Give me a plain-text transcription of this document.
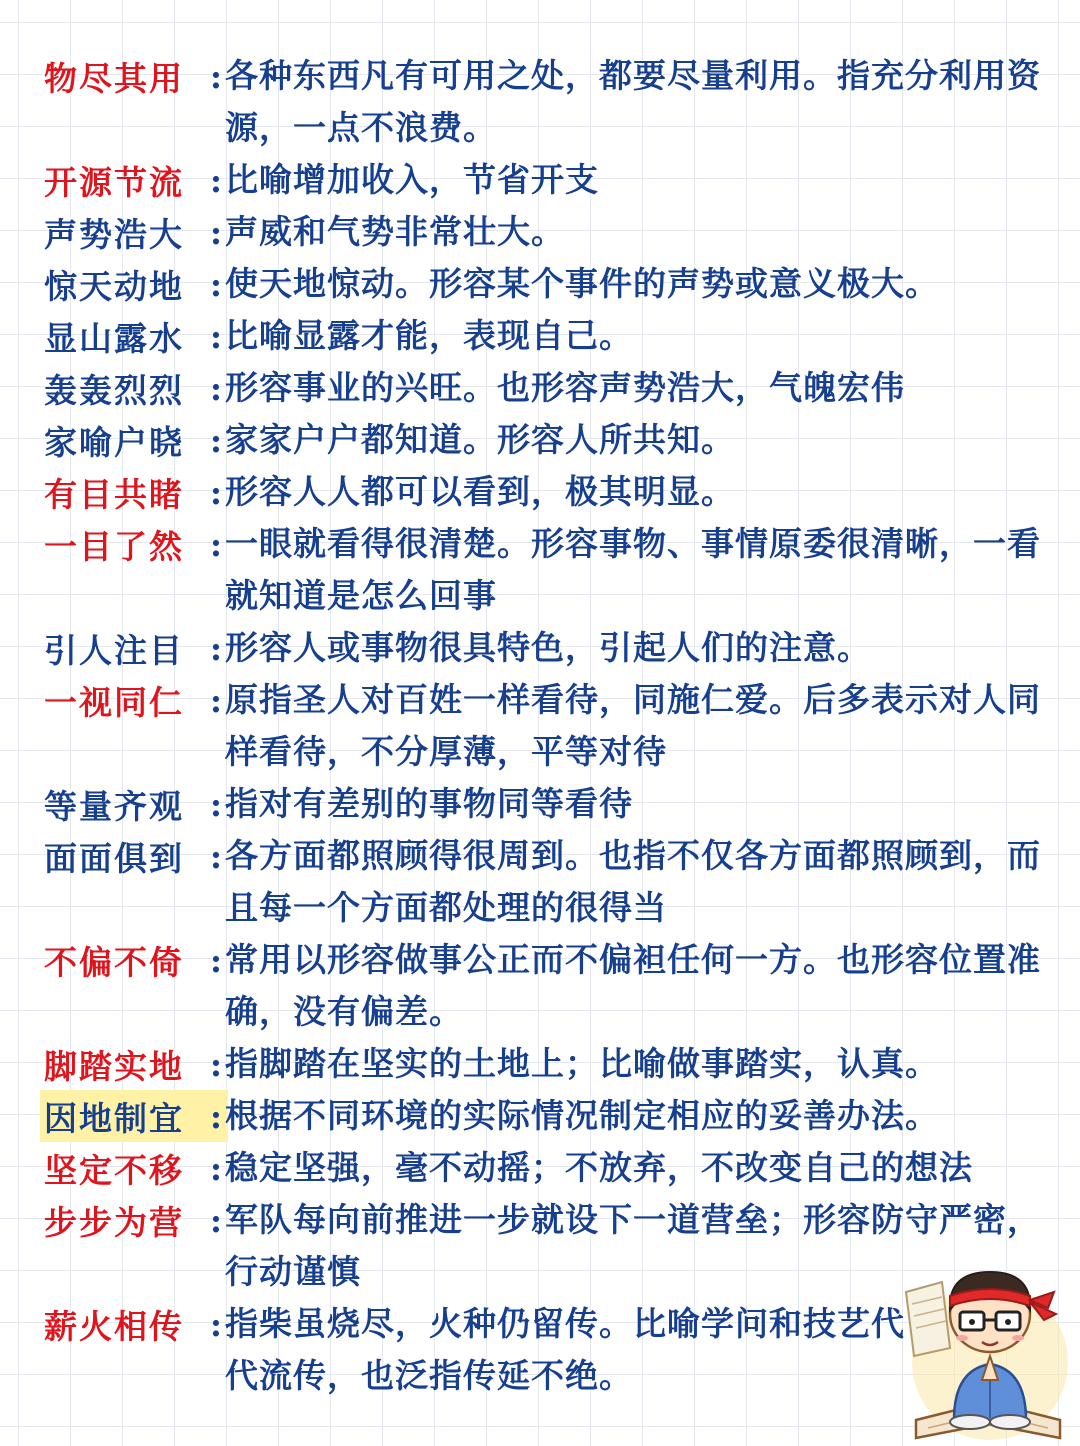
物尽其用 : 各种东西凡有可用之处，都要尽量利用。指充分利用资源，一点不浪费。
开源节流 : 比喻增加收入，节省开支
声势浩大 : 声威和气势非常壮大。
惊天动地 : 使天地惊动。形容某个事件的声势或意义极大。
显山露水 : 比喻显露才能，表现自己。
轰轰烈烈 : 形容事业的兴旺。也形容声势浩大，气魄宏伟
家喻户晓 : 家家户户都知道。形容人所共知。
有目共睹 : 形容人人都可以看到，极其明显。
一目了然 : 一眼就看得很清楚。形容事物、事情原委很清晰，一看就知道是怎么回事
引人注目 : 形容人或事物很具特色，引起人们的注意。
一视同仁 : 原指圣人对百姓一样看待，同施仁爱。后多表示对人同样看待，不分厚薄，平等对待
等量齐观 : 指对有差别的事物同等看待
面面俱到 : 各方面都照顾得很周到。也指不仅各方面都照顾到，而且每一个方面都处理的很得当
不偏不倚 : 常用以形容做事公正而不偏袒任何一方。也形容位置准确，没有偏差。
脚踏实地 : 指脚踏在坚实的土地上；比喻做事踏实，认真。
因地制宜 : 根据不同环境的实际情况制定相应的妥善办法。
坚定不移 : 稳定坚强，毫不动摇；不放弃，不改变自己的想法
步步为营 : 军队每向前推进一步就设下一道营垒；形容防守严密，行动谨慎
薪火相传 : 指柴虽烧尽，火种仍留传。比喻学问和技艺代代流传，也泛指传延不绝。
